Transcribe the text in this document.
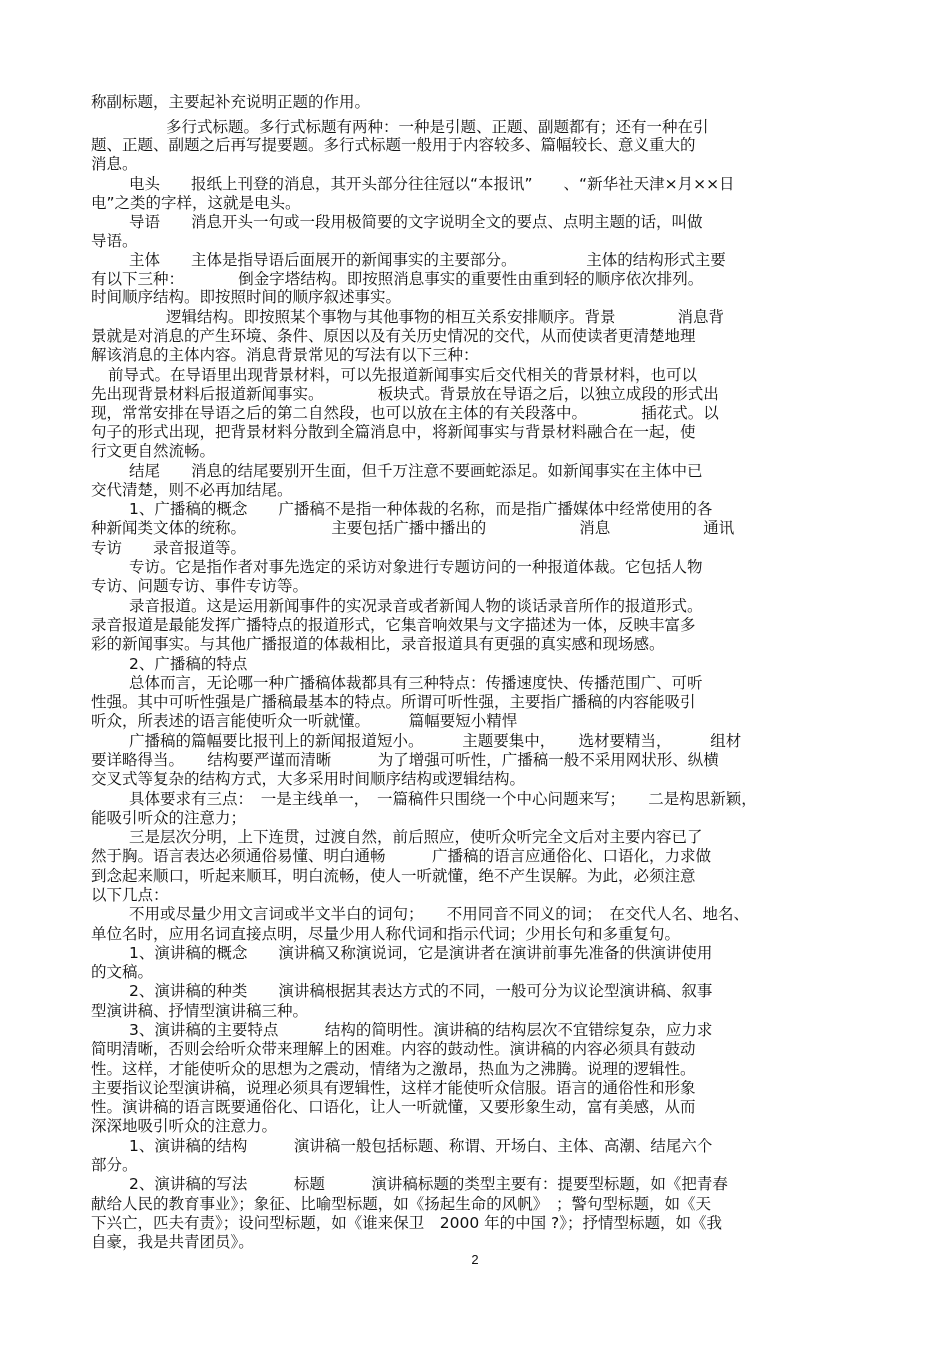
称副标题，主要起补充说明正题的作用。
多行式标题。多行式标题有两种：一种是引题、正题、副题都有；还有一种在引
题、正题、副题之后再写提要题。多行式标题一般用于内容较多、篇幅较长、意义重大的
消息。
电头　　报纸上刊登的消息，其开头部分往往冠以“本报讯”　　、“新华社天津×月××日
电”之类的字样，这就是电头。
导语　　消息开头一句或一段用极简要的文字说明全文的要点、点明主题的话，叫做
导语。
主体　　主体是指导语后面展开的新闻事实的主要部分。　　　　　主体的结构形式主要
有以下三种：　　　　倒金字塔结构。即按照消息事实的重要性由重到轻的顺序依次排列。
时间顺序结构。即按照时间的顺序叙述事实。
逻辑结构。即按照某个事物与其他事物的相互关系安排顺序。背景　　　　消息背
景就是对消息的产生环境、条件、原因以及有关历史情况的交代，从而使读者更清楚地理
解该消息的主体内容。消息背景常见的写法有以下三种：
前导式。在导语里出现背景材料，可以先报道新闻事实后交代相关的背景材料，也可以
先出现背景材料后报道新闻事实。　　　　板块式。背景放在导语之后，以独立成段的形式出
现，常常安排在导语之后的第二自然段，也可以放在主体的有关段落中。　　　　插花式。以
句子的形式出现，把背景材料分散到全篇消息中，将新闻事实与背景材料融合在一起，使
行文更自然流畅。
结尾　　消息的结尾要别开生面，但千万注意不要画蛇添足。如新闻事实在主体中已
交代清楚，则不必再加结尾。
1、广播稿的概念　　广播稿不是指一种体裁的名称，而是指广播媒体中经常使用的各
种新闻类文体的统称。　　　　　　主要包括广播中播出的　　　　　　消息　　　　　　通讯
专访　　录音报道等。
专访。它是指作者对事先选定的采访对象进行专题访问的一种报道体裁。它包括人物
专访、问题专访、事件专访等。
录音报道。这是运用新闻事件的实况录音或者新闻人物的谈话录音所作的报道形式。
录音报道是最能发挥广播特点的报道形式，它集音响效果与文字描述为一体，反映丰富多
彩的新闻事实。与其他广播报道的体裁相比，录音报道具有更强的真实感和现场感。
2、广播稿的特点
总体而言，无论哪一种广播稿体裁都具有三种特点：传播速度快、传播范围广、可听
性强。其中可听性强是广播稿最基本的特点。所谓可听性强，主要指广播稿的内容能吸引
听众，所表述的语言能使听众一听就懂。　　　篇幅要短小精悍
广播稿的篇幅要比报刊上的新闻报道短小。　　　主题要集中，　　选材要精当，　　　组材
要详略得当。　　结构要严谨而清晰　　　为了增强可听性，广播稿一般不采用网状形、纵横
交叉式等复杂的结构方式，大多采用时间顺序结构或逻辑结构。
具体要求有三点：　一是主线单一，　一篇稿件只围绕一个中心问题来写；　　二是构思新颖，
能吸引听众的注意力；
三是层次分明，上下连贯，过渡自然，前后照应，使听众听完全文后对主要内容已了
然于胸。语言表达必须通俗易懂、明白通畅　　　广播稿的语言应通俗化、口语化，力求做
到念起来顺口，听起来顺耳，明白流畅，使人一听就懂，绝不产生误解。为此，必须注意
以下几点：
不用或尽量少用文言词或半文半白的词句；　　不用同音不同义的词；　在交代人名、地名、
单位名时，应用名词直接点明，尽量少用人称代词和指示代词；少用长句和多重复句。
1、演讲稿的概念　　演讲稿又称演说词，它是演讲者在演讲前事先准备的供演讲使用
的文稿。
2、演讲稿的种类　　演讲稿根据其表达方式的不同，一般可分为议论型演讲稿、叙事
型演讲稿、抒情型演讲稿三种。
3、演讲稿的主要特点　　　结构的简明性。演讲稿的结构层次不宜错综复杂，应力求
简明清晰，否则会给听众带来理解上的困难。内容的鼓动性。演讲稿的内容必须具有鼓动
性。这样，才能使听众的思想为之震动，情绪为之激昂，热血为之沸腾。说理的逻辑性。
主要指议论型演讲稿，说理必须具有逻辑性，这样才能使听众信服。语言的通俗性和形象
性。演讲稿的语言既要通俗化、口语化，让人一听就懂，又要形象生动，富有美感，从而
深深地吸引听众的注意力。
1、演讲稿的结构　　　演讲稿一般包括标题、称谓、开场白、主体、高潮、结尾六个
部分。
2、演讲稿的写法　　　标题　　　演讲稿标题的类型主要有：提要型标题，如《把青春
献给人民的教育事业》；象征、比喻型标题，如《扬起生命的风帆》　；警句型标题，如《天
下兴亡，匹夫有责》；设问型标题，如《谁来保卫　2000 年的中国 ?》；抒情型标题，如《我
自豪，我是共青团员》。
2
